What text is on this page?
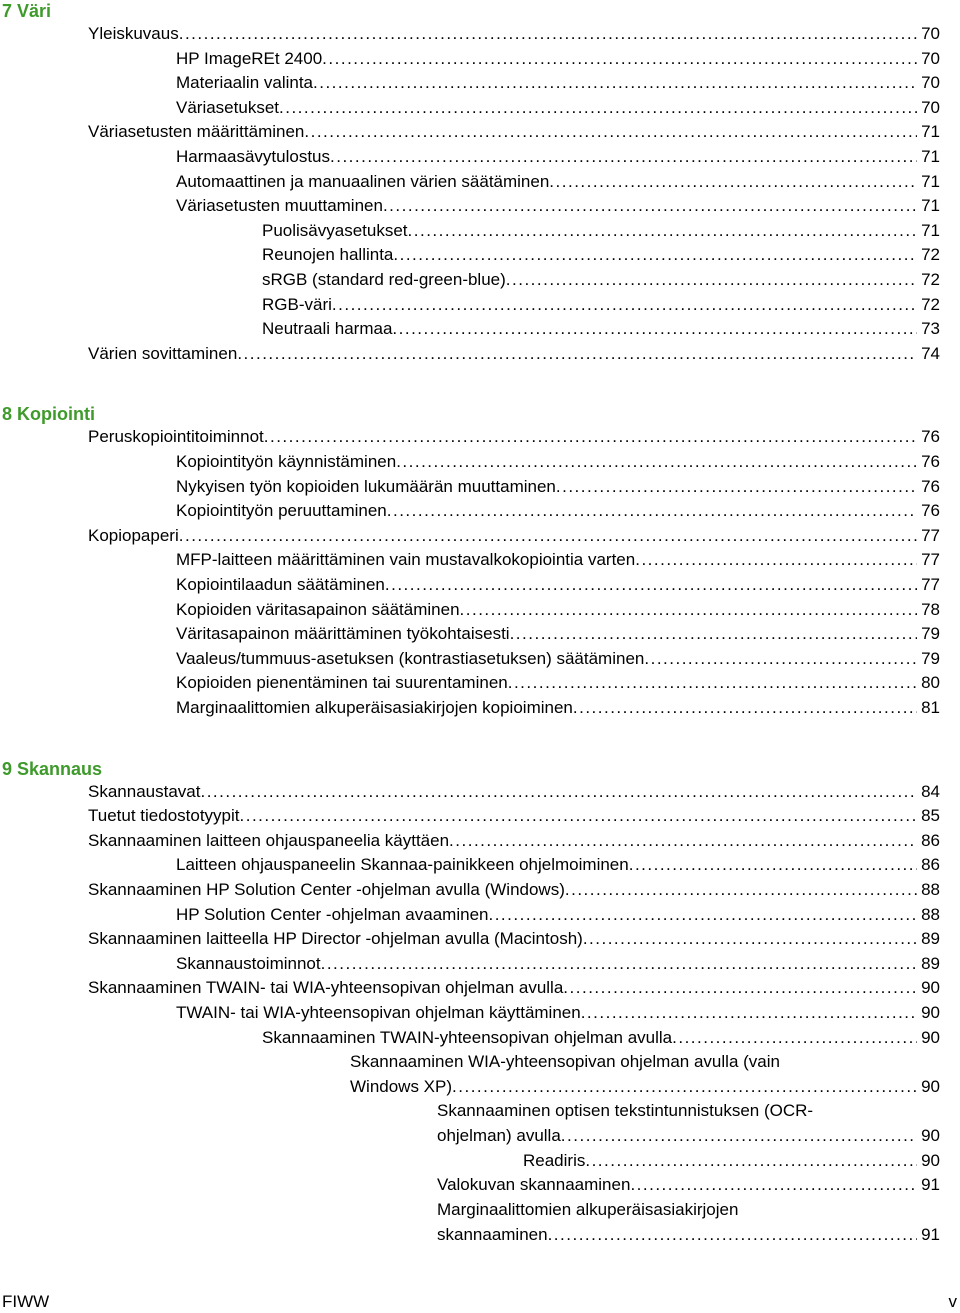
7 Väri
Yleiskuvaus .....	70
HP ImageREt 2400 .....	70
Materiaalin valinta .....	70
Väriasetukset .....	70
Väriasetusten määrittäminen .....	71
Harmaasävytulostus .....	71
Automaattinen ja manuaalinen värien säätäminen .....	71
Väriasetusten muuttaminen .....	71
Puolisävyasetukset .....	71
Reunojen hallinta .....	72
sRGB (standard red-green-blue) .....	72
RGB-väri .....	72
Neutraali harmaa .....	73
Värien sovittaminen .....	74
8 Kopiointi
Peruskopiointitoiminnot .....	76
Kopiointityön käynnistäminen .....	76
Nykyisen työn kopioiden lukumäärän muuttaminen .....	76
Kopiointityön peruuttaminen .....	76
Kopiopaperi .....	77
MFP-laitteen määrittäminen vain mustavalkokopiointia varten .....	77
Kopiointilaadun säätäminen .....	77
Kopioiden väritasapainon säätäminen .....	78
Väritasapainon määrittäminen työkohtaisesti .....	79
Vaaleus/tummuus-asetuksen (kontrastiasetuksen) säätäminen .....	79
Kopioiden pienentäminen tai suurentaminen .....	80
Marginaalittomien alkuperäisasiakirjojen kopioiminen .....	81
9 Skannaus
Skannaustavat .....	84
Tuetut tiedostotyypit .....	85
Skannaaminen laitteen ohjauspaneelia käyttäen .....	86
Laitteen ohjauspaneelin Skannaa-painikkeen ohjelmoiminen .....	86
Skannaaminen HP Solution Center -ohjelman avulla (Windows) .....	88
HP Solution Center -ohjelman avaaminen .....	88
Skannaaminen laitteella HP Director -ohjelman avulla (Macintosh) .....	89
Skannaustoiminnot .....	89
Skannaaminen TWAIN- tai WIA-yhteensopivan ohjelman avulla .....	90
TWAIN- tai WIA-yhteensopivan ohjelman käyttäminen .....	90
Skannaaminen TWAIN-yhteensopivan ohjelman avulla .....	90
Skannaaminen WIA-yhteensopivan ohjelman avulla (vain
Windows XP) .....	90
Skannaaminen optisen tekstintunnistuksen (OCR-
ohjelman) avulla .....	90
Readiris .....	90
Valokuvan skannaaminen .....	91
Marginaalittomien alkuperäisasiakirjojen
skannaaminen .....	91
FIWW	v
